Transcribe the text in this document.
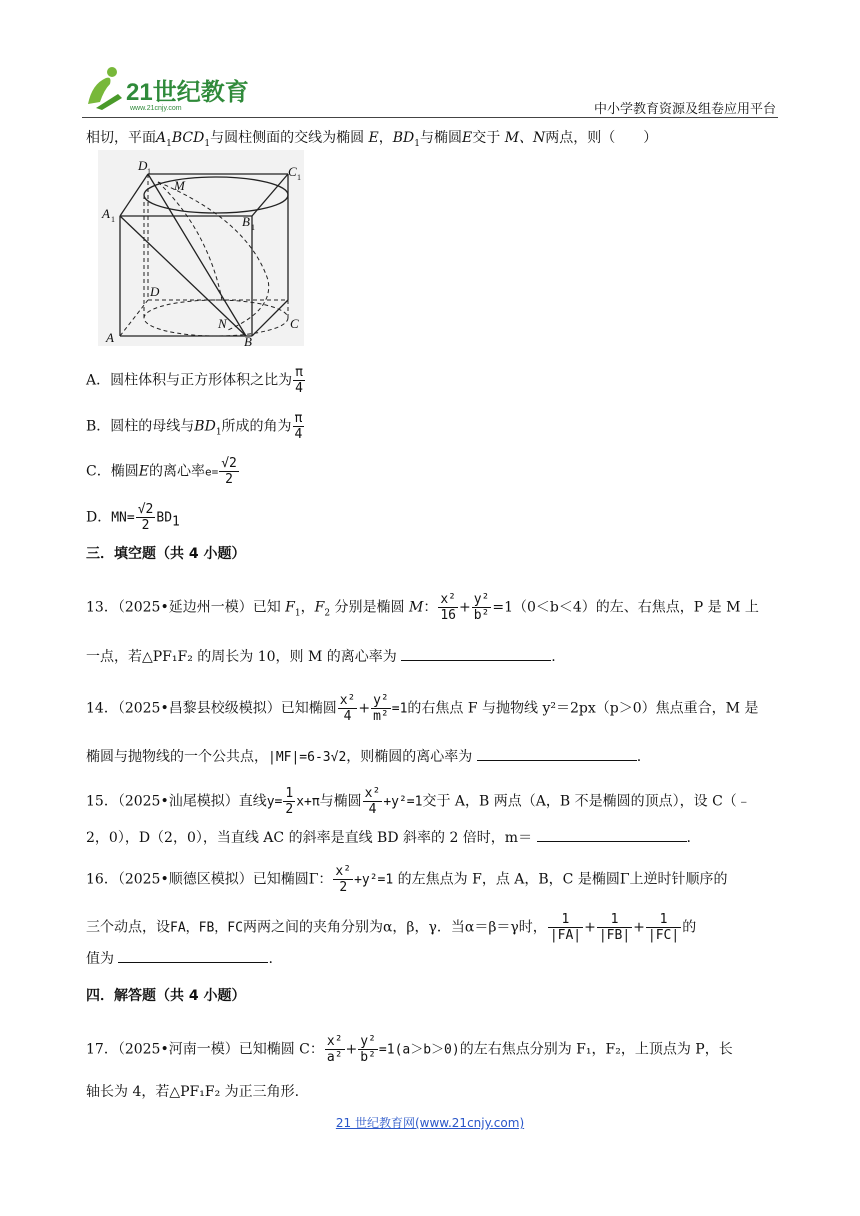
21世纪教育
www.21cnjy.com	中小学教育资源及组卷应用平台
相切，平面$A_1BCD_1$与圆柱侧面的交线为椭圆 E，$BD_1$与椭圆E交于 M、N两点，则（　　）
D 1	C 1
A 1	B 1
M
D
C
A	B
N
A．圆柱体积与正方形体积之比为 $\frac{\pi}{4}$
B．圆柱的母线与$BD_1$所成的角为 $\frac{\pi}{4}$
C．椭圆E的离心率$e= \frac{√2}{2}$
D．$MN= \frac{√2}{2} BD_1$
三．填空题（共 4 小题）
13．（2025•延边州一模）已知 $F_1$，$F_2$ 分别是椭圆 M： $\frac{\text{x²}}{16} + \frac{\text{y²}}{\text{b²}} =1(0<b<4)$的左、右焦点，P 是 M 上
一点，若△PF₁F₂ 的周长为 10，则 M 的离心率为	.
14．（2025•昌黎县校级模拟）已知椭圆 $\frac{\text{x²}}{4} + \frac{\text{y²}}{\text{m²}} =1$的右焦点 F 与抛物线 y²＝2px（p＞0）焦点重合，M 是
椭圆与抛物线的一个公共点，|MF|=6-3√2，则椭圆的离心率为	.
15．（2025•汕尾模拟）直线$y= \frac{1}{2} x+\pi$与椭圆 $\frac{\text{x²}}{4} +y^2=1$交于 A，B 两点（A，B 不是椭圆的顶点），设 C（﹣
2，0），D（2，0），当直线 AC 的斜率是直线 BD 斜率的 2 倍时，m＝	.
16．（2025•顺德区模拟）已知椭圆Γ： $\frac{\text{x²}}{2} +y^2=1$ 的左焦点为 F，点 A，B，C 是椭圆Γ上逆时针顺序的
三个动点，设FA，FB，FC两两之间的夹角分别为α，β，γ．当α＝β＝γ时， $\frac{1}{|FA|} + \frac{1}{|FB|} + \frac{1}{|FC|}$ 的
值为	.
四．解答题（共 4 小题）
17．（2025•河南一模）已知椭圆 C： $\frac{\text{x²}}{\text{a²}} + \frac{\text{y²}}{\text{b²}} =1(a>b>0)$的左右焦点分别为 F₁，F₂，上顶点为 P，长
轴长为 4，若△PF₁F₂ 为正三角形.
21 世纪教育网(www.21cnjy.com)
